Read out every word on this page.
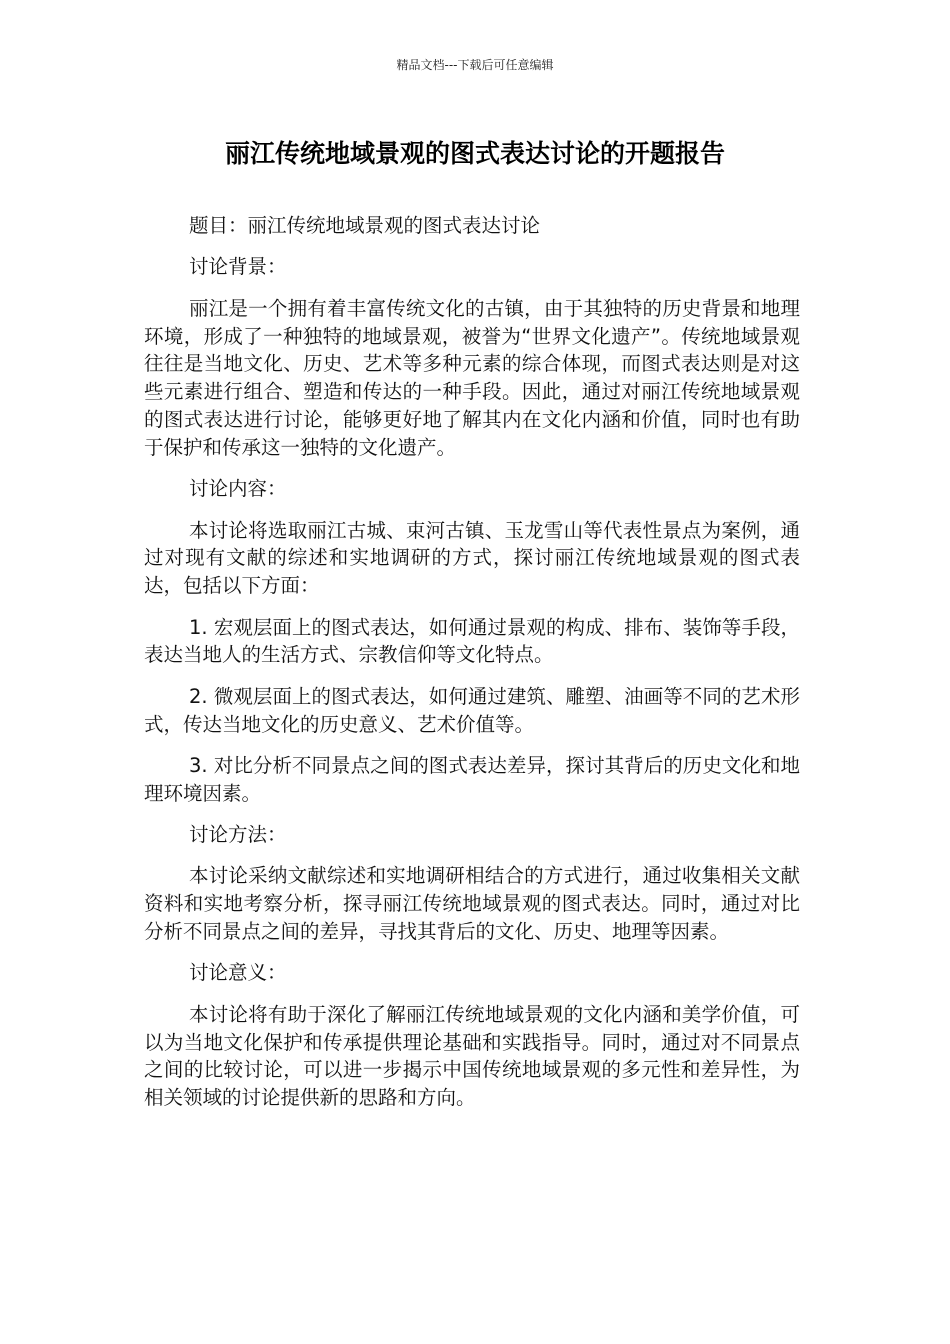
精品文档---下载后可任意编辑
丽江传统地域景观的图式表达讨论的开题报告

题目：丽江传统地域景观的图式表达讨论

讨论背景：

丽江是一个拥有着丰富传统文化的古镇，由于其独特的历史背景和地理环境，形成了一种独特的地域景观，被誉为“世界文化遗产”。传统地域景观往往是当地文化、历史、艺术等多种元素的综合体现，而图式表达则是对这些元素进行组合、塑造和传达的一种手段。因此，通过对丽江传统地域景观的图式表达进行讨论，能够更好地了解其内在文化内涵和价值，同时也有助于保护和传承这一独特的文化遗产。

讨论内容：

本讨论将选取丽江古城、束河古镇、玉龙雪山等代表性景点为案例，通过对现有文献的综述和实地调研的方式，探讨丽江传统地域景观的图式表达，包括以下方面：

1. 宏观层面上的图式表达，如何通过景观的构成、排布、装饰等手段，表达当地人的生活方式、宗教信仰等文化特点。

2. 微观层面上的图式表达，如何通过建筑、雕塑、油画等不同的艺术形式，传达当地文化的历史意义、艺术价值等。

3. 对比分析不同景点之间的图式表达差异，探讨其背后的历史文化和地理环境因素。

讨论方法：

本讨论采纳文献综述和实地调研相结合的方式进行，通过收集相关文献资料和实地考察分析，探寻丽江传统地域景观的图式表达。同时，通过对比分析不同景点之间的差异，寻找其背后的文化、历史、地理等因素。

讨论意义：

本讨论将有助于深化了解丽江传统地域景观的文化内涵和美学价值，可以为当地文化保护和传承提供理论基础和实践指导。同时，通过对不同景点之间的比较讨论，可以进一步揭示中国传统地域景观的多元性和差异性，为相关领域的讨论提供新的思路和方向。
